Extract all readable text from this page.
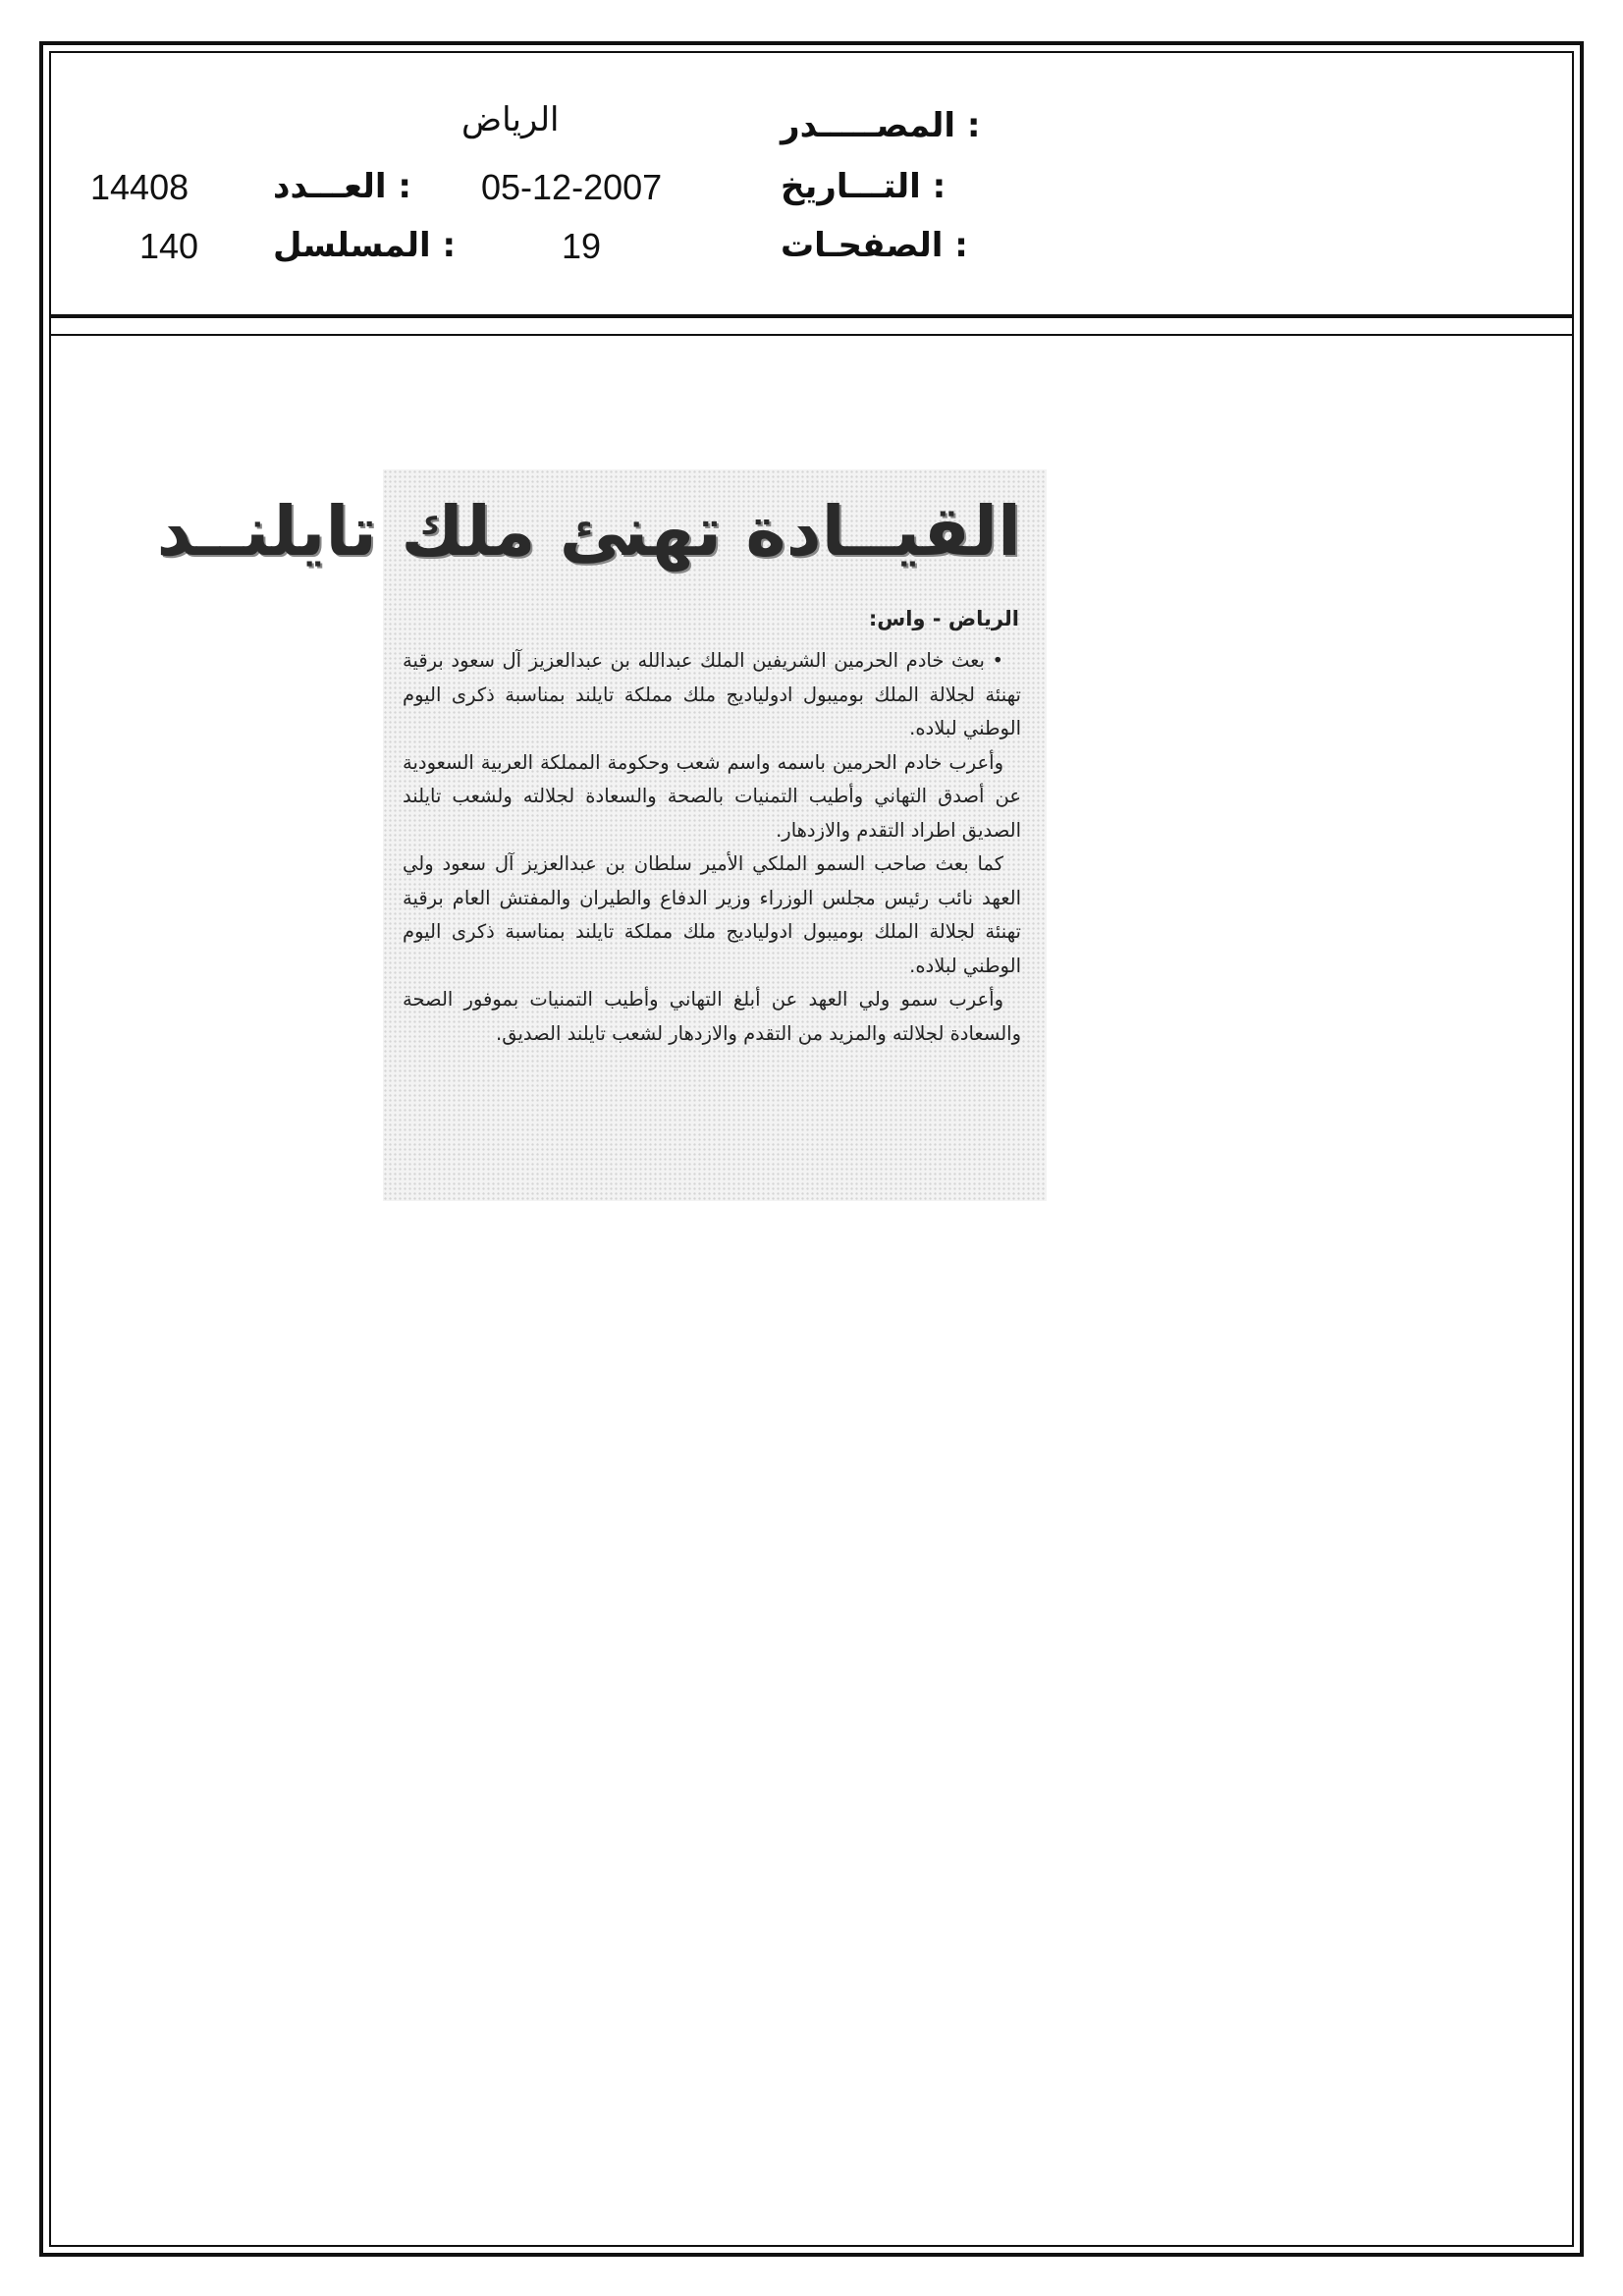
المصـــــدر :
الرياض
التـــاريخ :
05-12-2007
العـــدد :
14408
الصفحـات :
19
المسلسل :
140
القيــادة تهنئ ملك تايلنــد
الرياض - واس:

• بعث خادم الحرمين الشريفين الملك عبدالله بن عبدالعزيز آل سعود برقية تهنئة لجلالة الملك بوميبول ادوليادیج ملك مملكة تايلند بمناسبة ذكرى اليوم الوطني لبلاده.

وأعرب خادم الحرمين باسمه واسم شعب وحكومة المملكة العربية السعودية عن أصدق التهاني وأطيب التمنيات بالصحة والسعادة لجلالته ولشعب تايلند الصديق اطراد التقدم والازدهار.

كما بعث صاحب السمو الملكي الأمير سلطان بن عبدالعزيز آل سعود ولي العهد نائب رئيس مجلس الوزراء وزير الدفاع والطيران والمفتش العام برقية تهنئة لجلالة الملك بوميبول ادوليادیج ملك مملكة تايلند بمناسبة ذكرى اليوم الوطني لبلاده.

وأعرب سمو ولي العهد عن أبلغ التهاني وأطيب التمنيات بموفور الصحة والسعادة لجلالته والمزيد من التقدم والازدهار لشعب تايلند الصديق.
